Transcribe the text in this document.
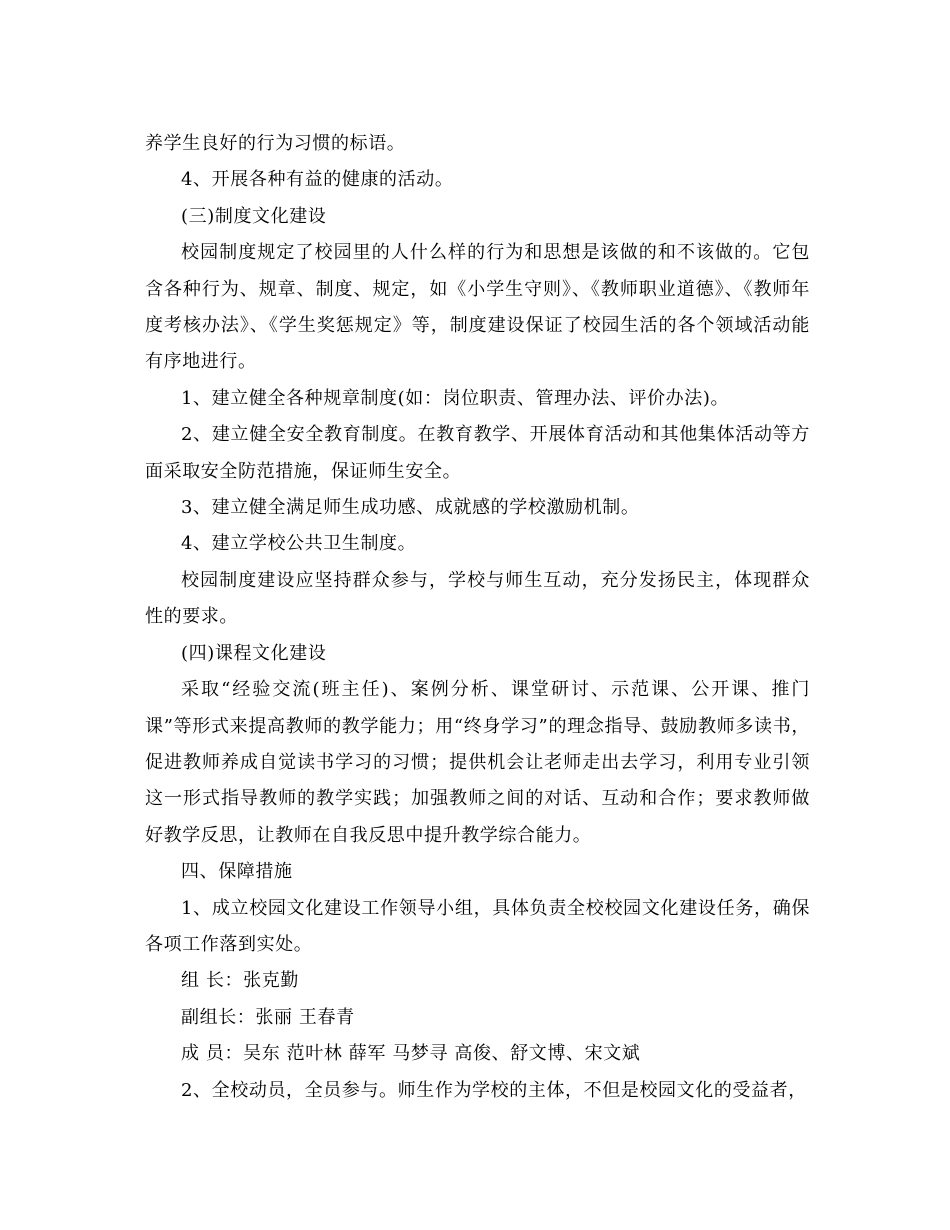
养学生良好的行为习惯的标语。

4、开展各种有益的健康的活动。

(三)制度文化建设

校园制度规定了校园里的人什么样的行为和思想是该做的和不该做的。它包含各种行为、规章、制度、规定，如《小学生守则》、《教师职业道德》、《教师年度考核办法》、《学生奖惩规定》等，制度建设保证了校园生活的各个领域活动能有序地进行。

1、建立健全各种规章制度(如：岗位职责、管理办法、评价办法)。

2、建立健全安全教育制度。在教育教学、开展体育活动和其他集体活动等方面采取安全防范措施，保证师生安全。

3、建立健全满足师生成功感、成就感的学校激励机制。

4、建立学校公共卫生制度。

校园制度建设应坚持群众参与，学校与师生互动，充分发扬民主，体现群众性的要求。

(四)课程文化建设

采取“经验交流(班主任)、案例分析、课堂研讨、示范课、公开课、推门课”等形式来提高教师的教学能力；用“终身学习”的理念指导、鼓励教师多读书，促进教师养成自觉读书学习的习惯；提供机会让老师走出去学习，利用专业引领这一形式指导教师的教学实践；加强教师之间的对话、互动和合作；要求教师做好教学反思，让教师在自我反思中提升教学综合能力。

四、保障措施

1、成立校园文化建设工作领导小组，具体负责全校校园文化建设任务，确保各项工作落到实处。

组 长：张克勤

副组长：张丽 王春青

成 员：吴东 范叶林 薛军 马梦寻 高俊、舒文博、宋文斌

2、全校动员，全员参与。师生作为学校的主体，不但是校园文化的受益者，
